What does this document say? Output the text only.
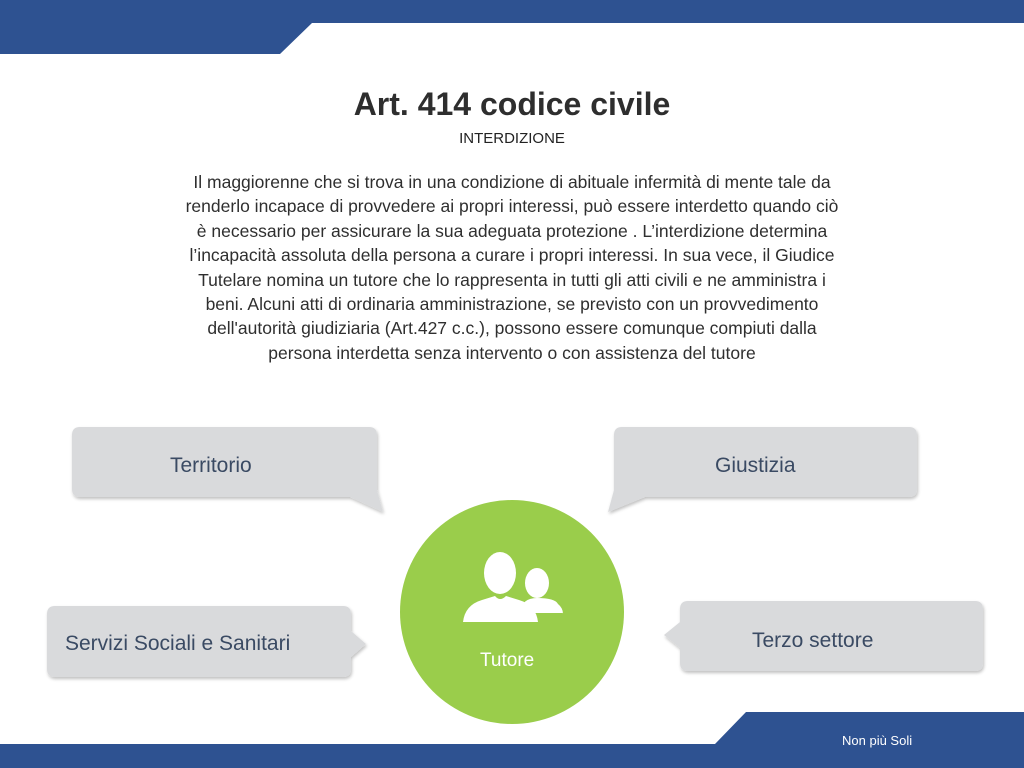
Art. 414 codice civile
INTERDIZIONE
Il maggiorenne che si trova in una condizione di abituale infermità di mente tale da renderlo incapace di provvedere ai propri interessi, può essere interdetto quando ciò è necessario per assicurare la sua adeguata protezione . L’interdizione determina l’incapacità assoluta della persona a curare i propri interessi. In sua vece, il Giudice Tutelare nomina un tutore che lo rappresenta in tutti gli atti civili e ne amministra i beni. Alcuni atti di ordinaria amministrazione, se previsto con un provvedimento dell'autorità giudiziaria (Art.427 c.c.), possono essere comunque compiuti dalla persona interdetta senza intervento o con assistenza del tutore
Territorio	Giustizia
Servizi Sociali e Sanitari	Terzo settore
Tutore
Non più Soli
